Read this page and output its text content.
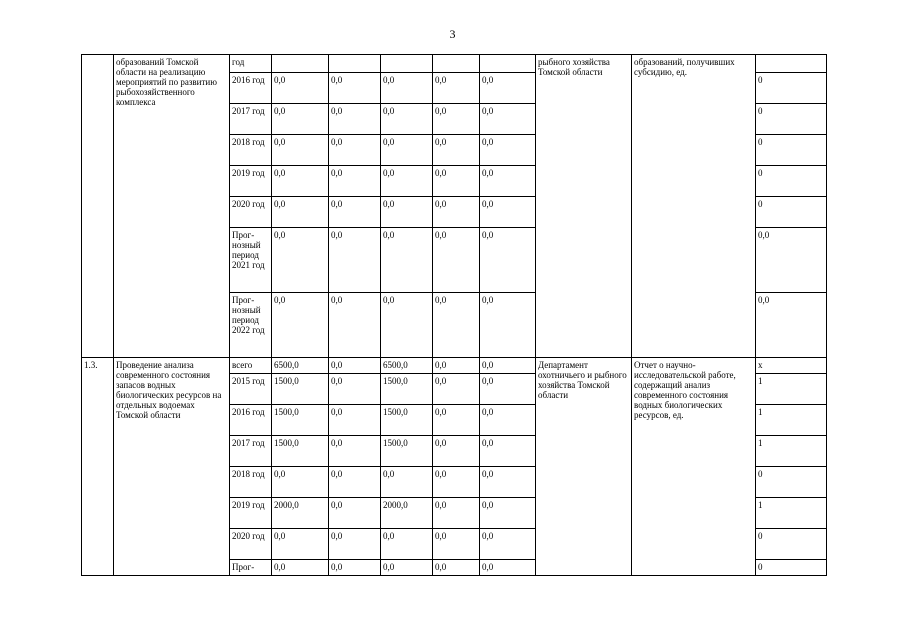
3
	образований Томской области на реализацию мероприятий по развитию рыбохозяйственного комплекса	год						рыбного хозяйства Томской области	образований, получивших субсидию, ед.	
		2016 год	0,0	0,0	0,0	0,0	0,0			0
		2017 год	0,0	0,0	0,0	0,0	0,0			0
		2018 год	0,0	0,0	0,0	0,0	0,0			0
		2019 год	0,0	0,0	0,0	0,0	0,0			0
		2020 год	0,0	0,0	0,0	0,0	0,0			0
		Прог-нозный период 2021 год	0,0	0,0	0,0	0,0	0,0			0,0
		Прог-нозный период 2022 год	0,0	0,0	0,0	0,0	0,0			0,0
1.3.	Проведение анализа современного состояния запасов водных биологических ресурсов на отдельных водоемах Томской области	всего	6500,0	0,0	6500,0	0,0	0,0	Департамент охотничьего и рыбного хозяйства Томской области	Отчет о научно-исследовательской работе, содержащий анализ современного состояния водных биологических ресурсов, ед.	х
		2015 год	1500,0	0,0	1500,0	0,0	0,0			1
		2016 год	1500,0	0,0	1500,0	0,0	0,0			1
		2017 год	1500,0	0,0	1500,0	0,0	0,0			1
		2018 год	0,0	0,0	0,0	0,0	0,0			0
		2019 год	2000,0	0,0	2000,0	0,0	0,0			1
		2020 год	0,0	0,0	0,0	0,0	0,0			0
		Прог-	0,0	0,0	0,0	0,0	0,0			0
